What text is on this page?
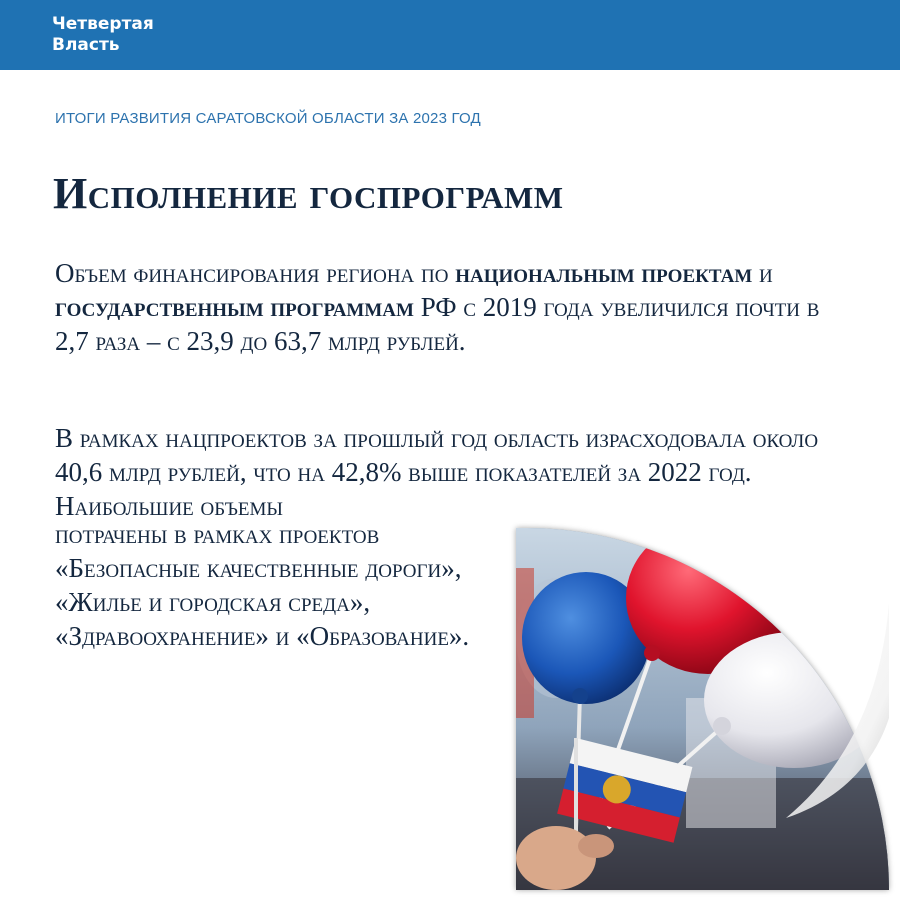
Четвертая
Власть
ИТОГИ РАЗВИТИЯ САРАТОВСКОЙ ОБЛАСТИ ЗА 2023 ГОД
Исполнение госпрограмм

Объем финансирования региона по национальным проектам и государственным программам РФ с 2019 года увеличился почти в 2,7 раза – с 23,9 до 63,7 млрд рублей.

В рамках нацпроектов за прошлый год область израсходовала около 40,6 млрд рублей, что на 42,8% выше показателей за 2022 год. Наибольшие объемы

потрачены в рамках проектов «Безопасные качественные дороги», «Жилье и городская среда», «Здравоохранение» и «Образование».
